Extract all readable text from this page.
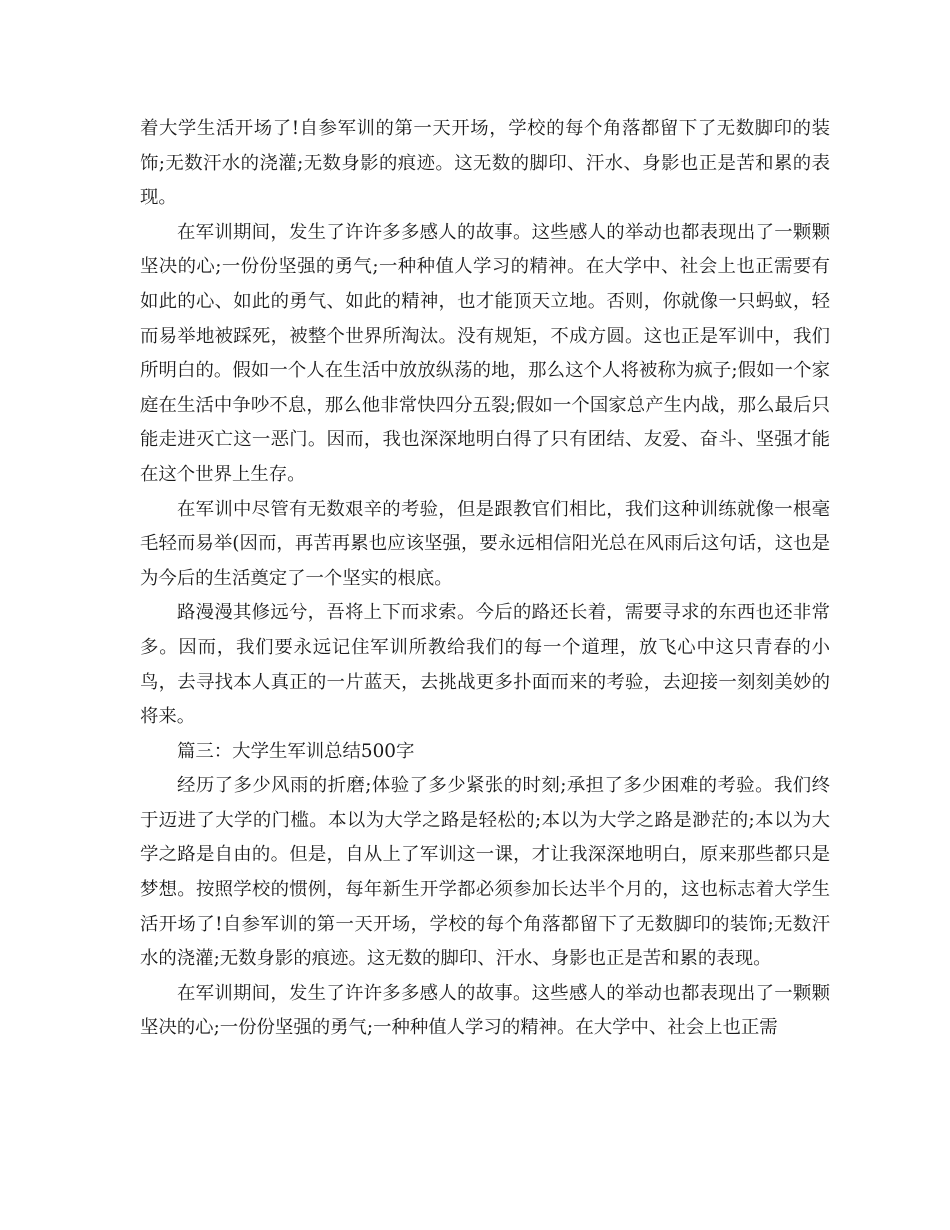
着大学生活开场了!自参军训的第一天开场，学校的每个角落都留下了无数脚印的装饰;无数汗水的浇灌;无数身影的痕迹。这无数的脚印、汗水、身影也正是苦和累的表现。

在军训期间，发生了许许多多感人的故事。这些感人的举动也都表现出了一颗颗坚决的心;一份份坚强的勇气;一种种值人学习的精神。在大学中、社会上也正需要有如此的心、如此的勇气、如此的精神，也才能顶天立地。否则，你就像一只蚂蚁，轻而易举地被踩死，被整个世界所淘汰。没有规矩，不成方圆。这也正是军训中，我们所明白的。假如一个人在生活中放放纵荡的地，那么这个人将被称为疯子;假如一个家庭在生活中争吵不息，那么他非常快四分五裂;假如一个国家总产生内战，那么最后只能走进灭亡这一恶门。因而，我也深深地明白得了只有团结、友爱、奋斗、坚强才能在这个世界上生存。

在军训中尽管有无数艰辛的考验，但是跟教官们相比，我们这种训练就像一根毫毛轻而易举(因而，再苦再累也应该坚强，要永远相信阳光总在风雨后这句话，这也是为今后的生活奠定了一个坚实的根底。

路漫漫其修远兮，吾将上下而求索。今后的路还长着，需要寻求的东西也还非常多。因而，我们要永远记住军训所教给我们的每一个道理，放飞心中这只青春的小鸟，去寻找本人真正的一片蓝天，去挑战更多扑面而来的考验，去迎接一刻刻美妙的将来。

篇三：大学生军训总结500字

经历了多少风雨的折磨;体验了多少紧张的时刻;承担了多少困难的考验。我们终于迈进了大学的门槛。本以为大学之路是轻松的;本以为大学之路是渺茫的;本以为大学之路是自由的。但是，自从上了军训这一课，才让我深深地明白，原来那些都只是梦想。按照学校的惯例，每年新生开学都必须参加长达半个月的，这也标志着大学生活开场了!自参军训的第一天开场，学校的每个角落都留下了无数脚印的装饰;无数汗水的浇灌;无数身影的痕迹。这无数的脚印、汗水、身影也正是苦和累的表现。

在军训期间，发生了许许多多感人的故事。这些感人的举动也都表现出了一颗颗坚决的心;一份份坚强的勇气;一种种值人学习的精神。在大学中、社会上也正需
